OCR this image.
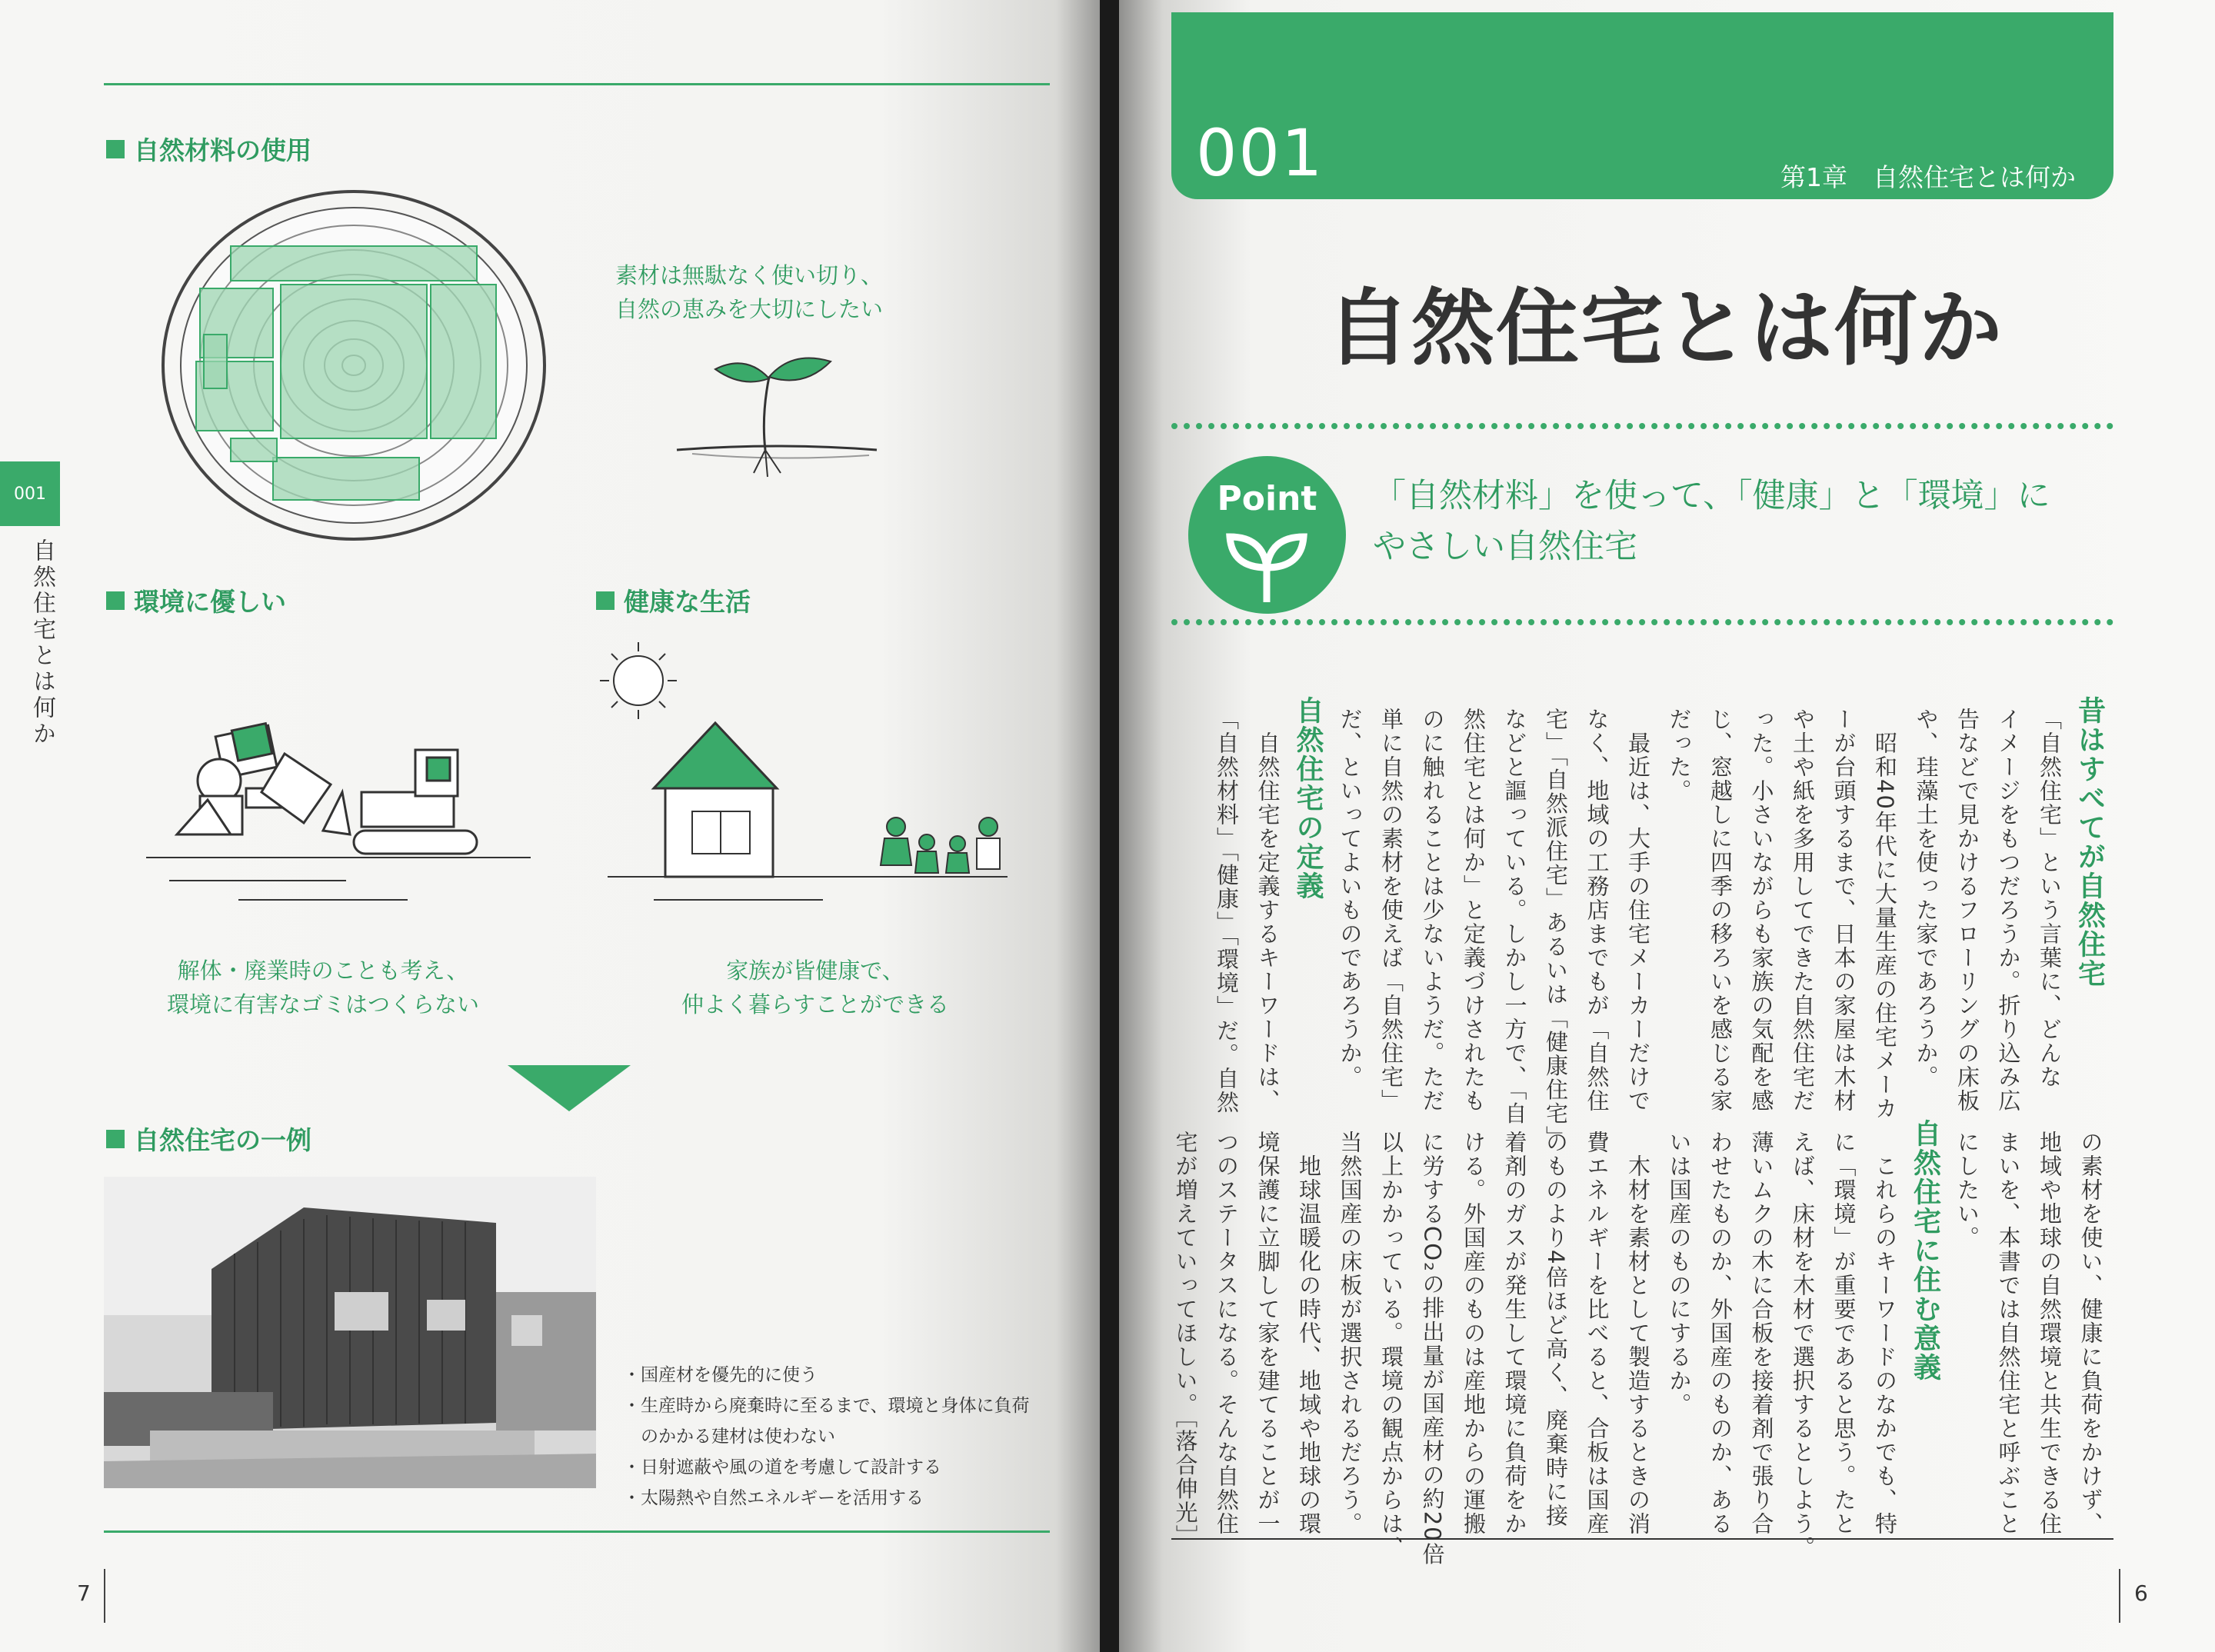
自然材料の使用
素材は無駄なく使い切り、
自然の恵みを大切にしたい
001
自然住宅とは何か	環境に優しい	健康な生活
解体・廃業時のことも考え、
環境に有害なゴミはつくらない
家族が皆健康で、
仲よく暮らすことができる
自然住宅の一例
・国産材を優先的に使う
・生産時から廃棄時に至るまで、環境と身体に負荷
　のかかる建材は使わない
・日射遮蔽や風の道を考慮して設計する
・太陽熱や自然エネルギーを活用する
7
001	第1章　自然住宅とは何か
自然住宅とは何か
Point	「自然材料」を使って、「健康」と「環境」に
やさしい自然住宅
6
昔はすべてが自然住宅
「自然住宅」という言葉に、どんな
イメージをもつだろうか。折り込み広
告などで見かけるフローリングの床板
や、珪藻土を使った家であろうか。
　昭和40年代に大量生産の住宅メーカ
ーが台頭するまで、日本の家屋は木材
や土や紙を多用してできた自然住宅だ
った。小さいながらも家族の気配を感
じ、窓越しに四季の移ろいを感じる家
だった。
　最近は、大手の住宅メーカーだけで
なく、地域の工務店までもが「自然住
宅」「自然派住宅」あるいは「健康住宅」
などと謳っている。しかし一方で、「自
然住宅とは何か」と定義づけされたも
のに触れることは少ないようだ。ただ
単に自然の素材を使えば「自然住宅」
だ、といってよいものであろうか。
自然住宅の定義
　自然住宅を定義するキーワードは、
「自然材料」「健康」「環境」だ。自然
の素材を使い、健康に負荷をかけず、
地域や地球の自然環境と共生できる住
まいを、本書では自然住宅と呼ぶこと
にしたい。
自然住宅に住む意義
　これらのキーワードのなかでも、特
に「環境」が重要であると思う。たと
えば、床材を木材で選択するとしよう。
薄いムクの木に合板を接着剤で張り合
わせたものか、外国産のものか、ある
いは国産のものにするか。
　木材を素材として製造するときの消
費エネルギーを比べると、合板は国産
のものより4倍ほど高く、廃棄時に接
着剤のガスが発生して環境に負荷をか
ける。外国産のものは産地からの運搬
に労するCO₂の排出量が国産材の約20倍
以上かかっている。環境の観点からは、
当然国産の床板が選択されるだろう。
　地球温暖化の時代、地域や地球の環
境保護に立脚して家を建てることが一
つのステータスになる。そんな自然住
宅が増えていってほしい。［落合伸光］
